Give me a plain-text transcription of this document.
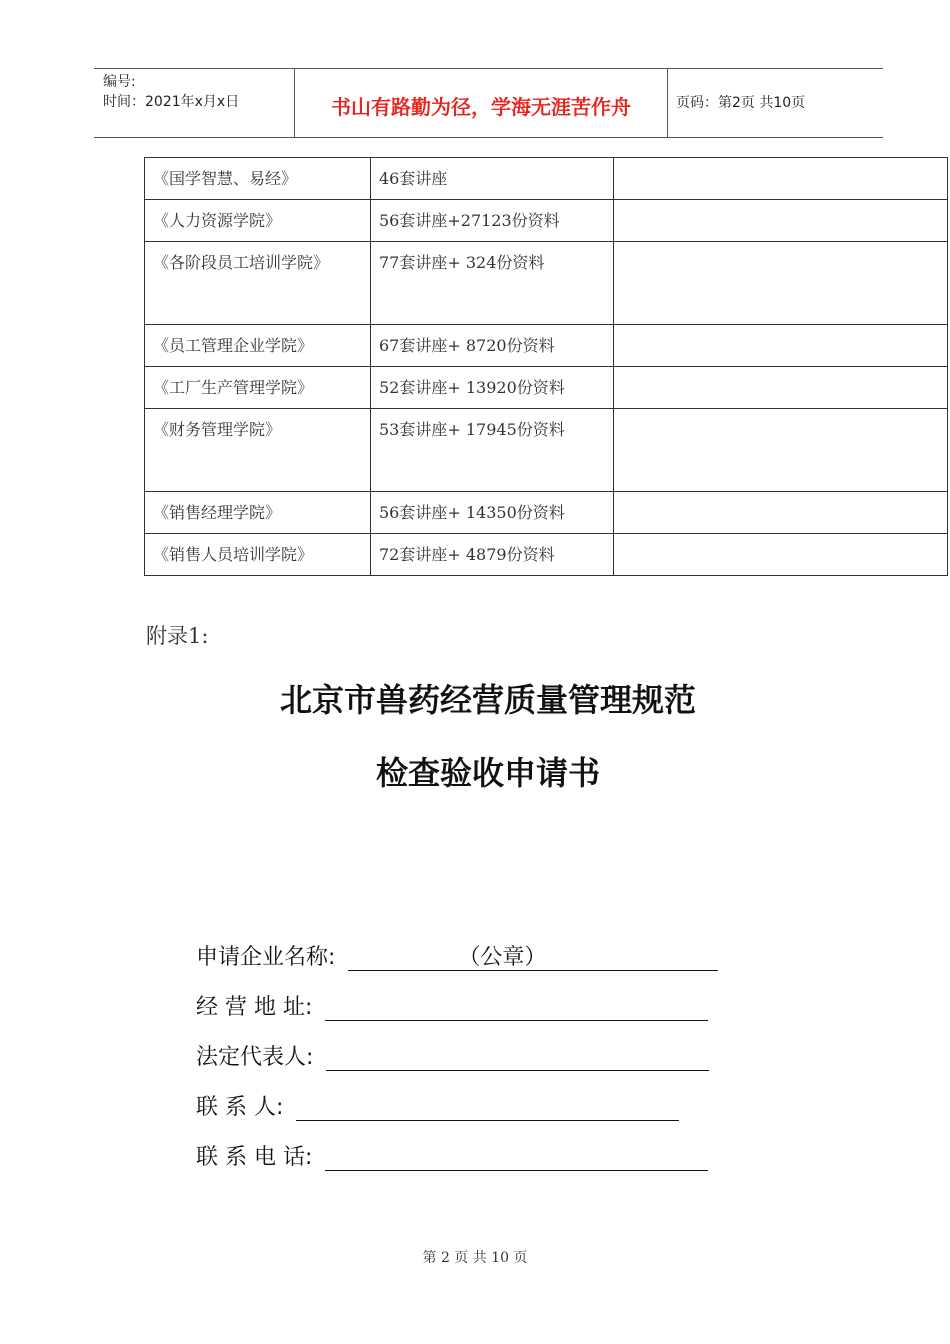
编号:
时间：2021年x月x日	书山有路勤为径，学海无涯苦作舟	页码：第2页 共10页
《国学智慧、易经》	46套讲座	
《人力资源学院》	56套讲座+27123份资料	
《各阶段员工培训学院》	77套讲座+ 324份资料	
《员工管理企业学院》	67套讲座+ 8720份资料	
《工厂生产管理学院》	52套讲座+ 13920份资料	
《财务管理学院》	53套讲座+ 17945份资料	
《销售经理学院》	56套讲座+ 14350份资料	
《销售人员培训学院》	72套讲座+ 4879份资料	
附录1:
北京市兽药经营质量管理规范
检查验收申请书
申请企业名称:	（公章）
经 营 地 址:
法定代表人:
联 系 人:
联 系 电 话:
第 2 页 共 10 页
